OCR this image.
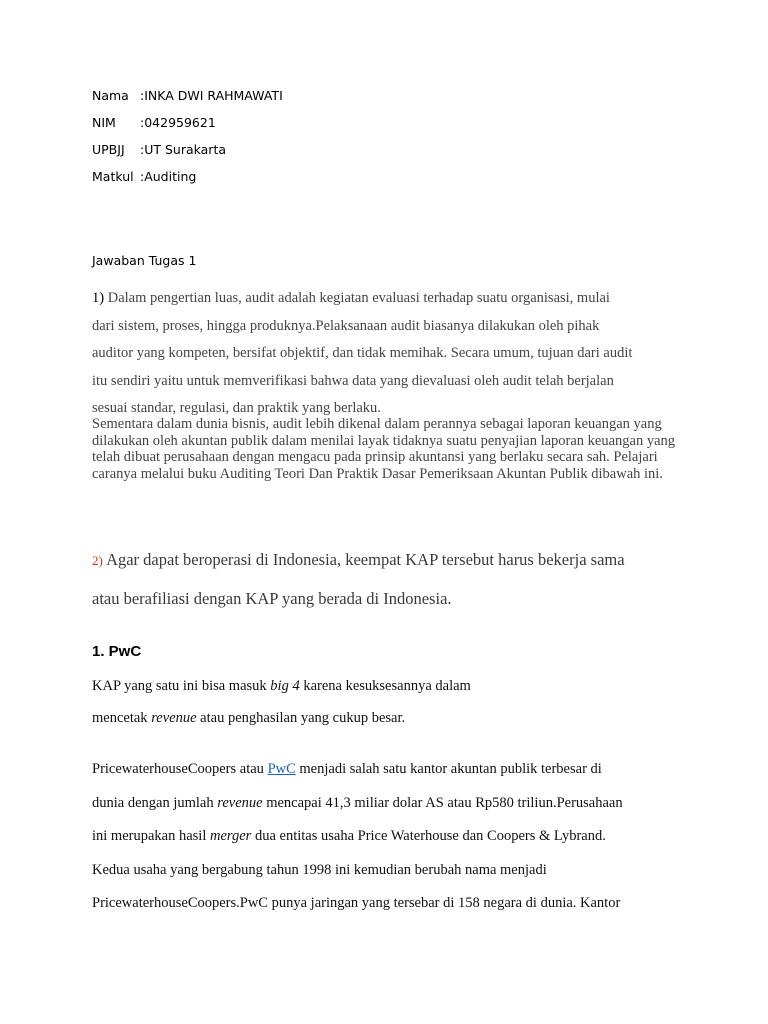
Nama :INKA DWI RAHMAWATI
NIM :042959621
UPBJJ :UT Surakarta
Matkul :Auditing
Jawaban Tugas 1
1) Dalam pengertian luas, audit adalah kegiatan evaluasi terhadap suatu organisasi, mulai
dari sistem, proses, hingga produknya.Pelaksanaan audit biasanya dilakukan oleh pihak
auditor yang kompeten, bersifat objektif, dan tidak memihak. Secara umum, tujuan dari audit
itu sendiri yaitu untuk memverifikasi bahwa data yang dievaluasi oleh audit telah berjalan
sesuai standar, regulasi, dan praktik yang berlaku.
Sementara dalam dunia bisnis, audit lebih dikenal dalam perannya sebagai laporan keuangan yang dilakukan oleh akuntan publik dalam menilai layak tidaknya suatu penyajian laporan keuangan yang telah dibuat perusahaan dengan mengacu pada prinsip akuntansi yang berlaku secara sah. Pelajari caranya melalui buku Auditing Teori Dan Praktik Dasar Pemeriksaan Akuntan Publik dibawah ini.
2) Agar dapat beroperasi di Indonesia, keempat KAP tersebut harus bekerja sama
atau berafiliasi dengan KAP yang berada di Indonesia.
1. PwC
KAP yang satu ini bisa masuk big 4 karena kesuksesannya dalam
mencetak revenue atau penghasilan yang cukup besar.
PricewaterhouseCoopers atau PwC menjadi salah satu kantor akuntan publik terbesar di
dunia dengan jumlah revenue mencapai 41,3 miliar dolar AS atau Rp580 triliun.Perusahaan
ini merupakan hasil merger dua entitas usaha Price Waterhouse dan Coopers & Lybrand.
Kedua usaha yang bergabung tahun 1998 ini kemudian berubah nama menjadi
PricewaterhouseCoopers.PwC punya jaringan yang tersebar di 158 negara di dunia. Kantor
